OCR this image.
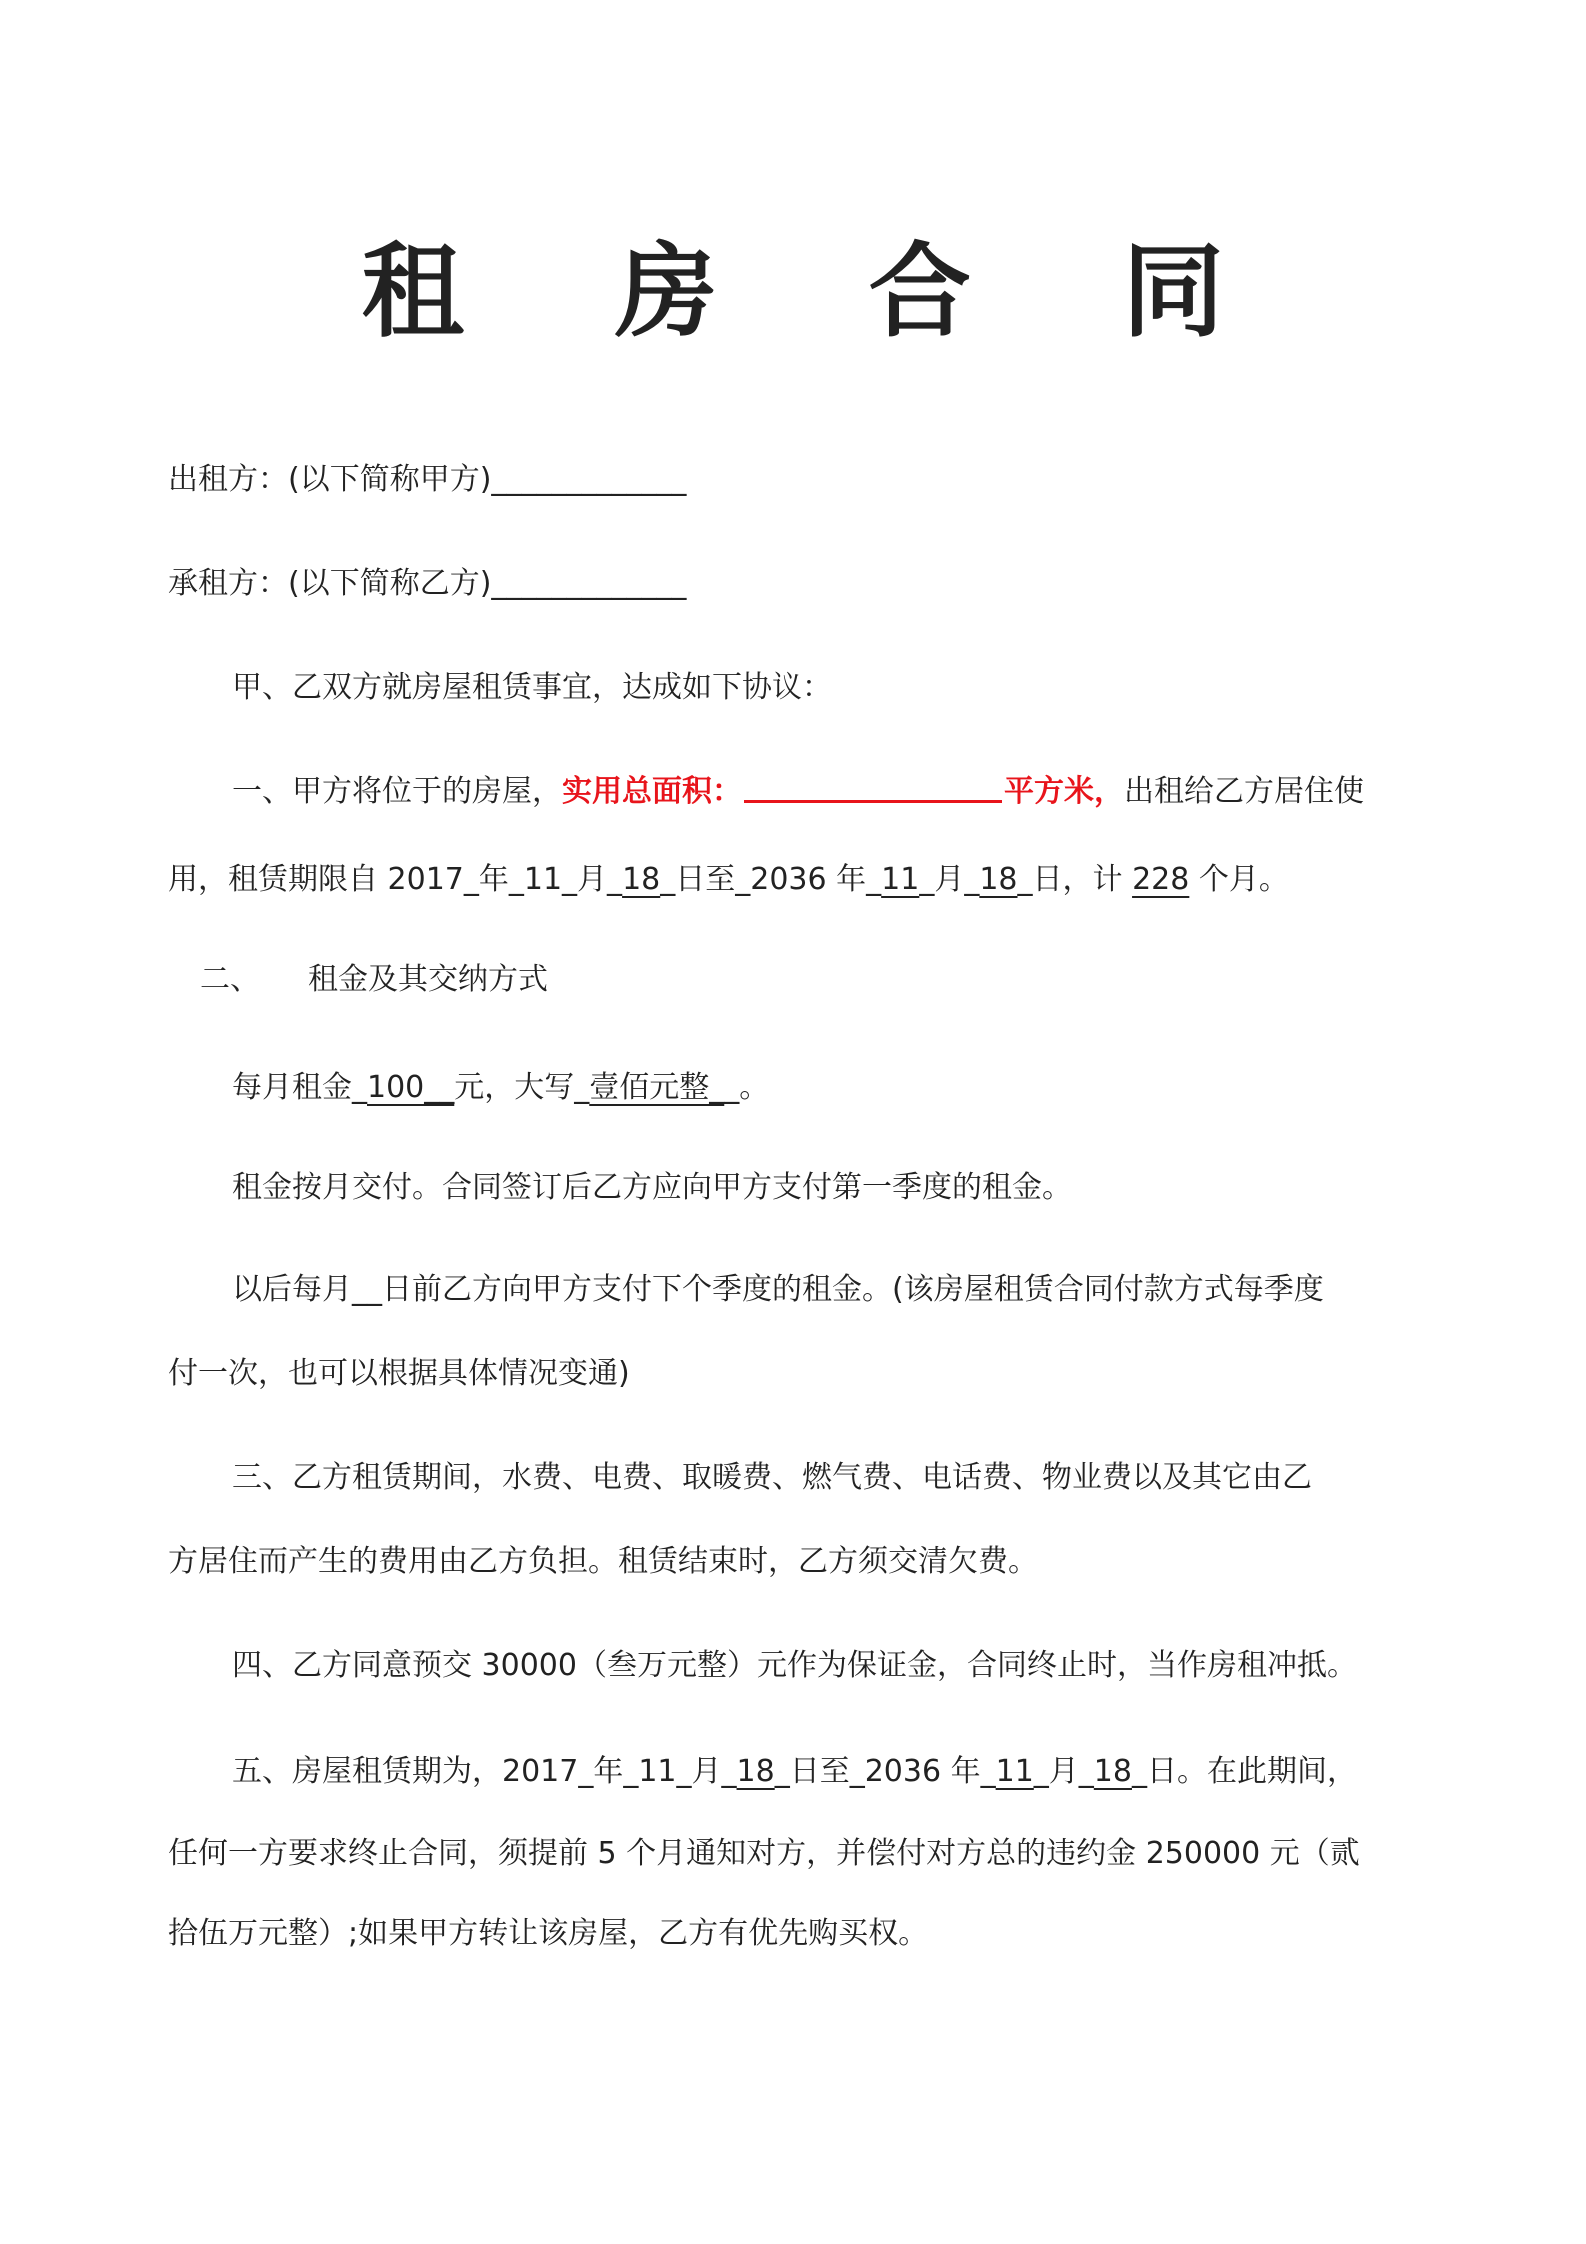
租 房 合 同
出租方：(以下简称甲方)_____________
承租方：(以下简称乙方)_____________
甲、乙双方就房屋租赁事宜，达成如下协议：
一、甲方将位于的房屋，实用总面积：	平方米，出租给乙方居住使
用，租赁期限自 2017_年_11_月_18_日至_2036 年_11_月_18_日，计 228 个月。
二、 租金及其交纳方式
每月租金_100__元，大写_壹佰元整__。
租金按月交付。合同签订后乙方应向甲方支付第一季度的租金。
以后每月__日前乙方向甲方支付下个季度的租金。(该房屋租赁合同付款方式每季度
付一次，也可以根据具体情况变通)
三、乙方租赁期间，水费、电费、取暖费、燃气费、电话费、物业费以及其它由乙
方居住而产生的费用由乙方负担。租赁结束时，乙方须交清欠费。
四、乙方同意预交 30000（叁万元整）元作为保证金，合同终止时，当作房租冲抵。
五、房屋租赁期为，2017_年_11_月_18_日至_2036 年_11_月_18_日。在此期间，
任何一方要求终止合同，须提前 5 个月通知对方，并偿付对方总的违约金 250000 元（贰
拾伍万元整）;如果甲方转让该房屋，乙方有优先购买权。
